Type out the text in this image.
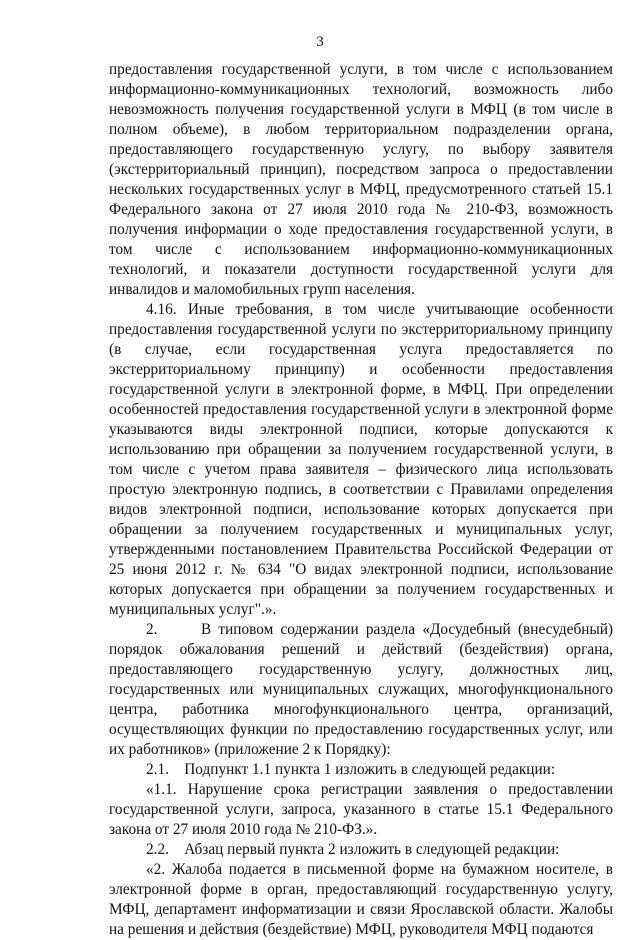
3

предоставления государственной услуги, в том числе с использованием информационно-коммуникационных технологий, возможность либо невозможность получения государственной услуги в МФЦ (в том числе в полном объеме), в любом территориальном подразделении органа, предоставляющего государственную услугу, по выбору заявителя (экстерриториальный принцип), посредством запроса о предоставлении нескольких государственных услуг в МФЦ, предусмотренного статьей 15.1 Федерального закона от 27 июля 2010 года № 210-ФЗ, возможность получения информации о ходе предоставления государственной услуги, в том числе с использованием информационно-коммуникационных технологий, и показатели доступности государственной услуги для инвалидов и маломобильных групп населения.

4.16. Иные требования, в том числе учитывающие особенности предоставления государственной услуги по экстерриториальному принципу (в случае, если государственная услуга предоставляется по экстерриториальному принципу) и особенности предоставления государственной услуги в электронной форме, в МФЦ. При определении особенностей предоставления государственной услуги в электронной форме указываются виды электронной подписи, которые допускаются к использованию при обращении за получением государственной услуги, в том числе с учетом права заявителя – физического лица использовать простую электронную подпись, в соответствии с Правилами определения видов электронной подписи, использование которых допускается при обращении за получением государственных и муниципальных услуг, утвержденными постановлением Правительства Российской Федерации от 25 июня 2012 г. № 634 "О видах электронной подписи, использование которых допускается при обращении за получением государственных и муниципальных услуг".».

2.      В типовом содержании раздела «Досудебный (внесудебный) порядок обжалования решений и действий (бездействия) органа, предоставляющего государственную услугу, должностных лиц, государственных или муниципальных служащих, многофункционального центра, работника многофункционального центра, организаций, осуществляющих функции по предоставлению государственных услуг, или их работников» (приложение 2 к Порядку):

2.1.    Подпункт 1.1 пункта 1 изложить в следующей редакции:

«1.1. Нарушение срока регистрации заявления о предоставлении государственной услуги, запроса, указанного в статье 15.1 Федерального закона от 27 июля 2010 года № 210-ФЗ.».

2.2.    Абзац первый пункта 2 изложить в следующей редакции:

«2. Жалоба подается в письменной форме на бумажном носителе, в электронной форме в орган, предоставляющий государственную услугу, МФЦ, департамент информатизации и связи Ярославской области. Жалобы на решения и действия (бездействие) МФЦ, руководителя МФЦ подаются
